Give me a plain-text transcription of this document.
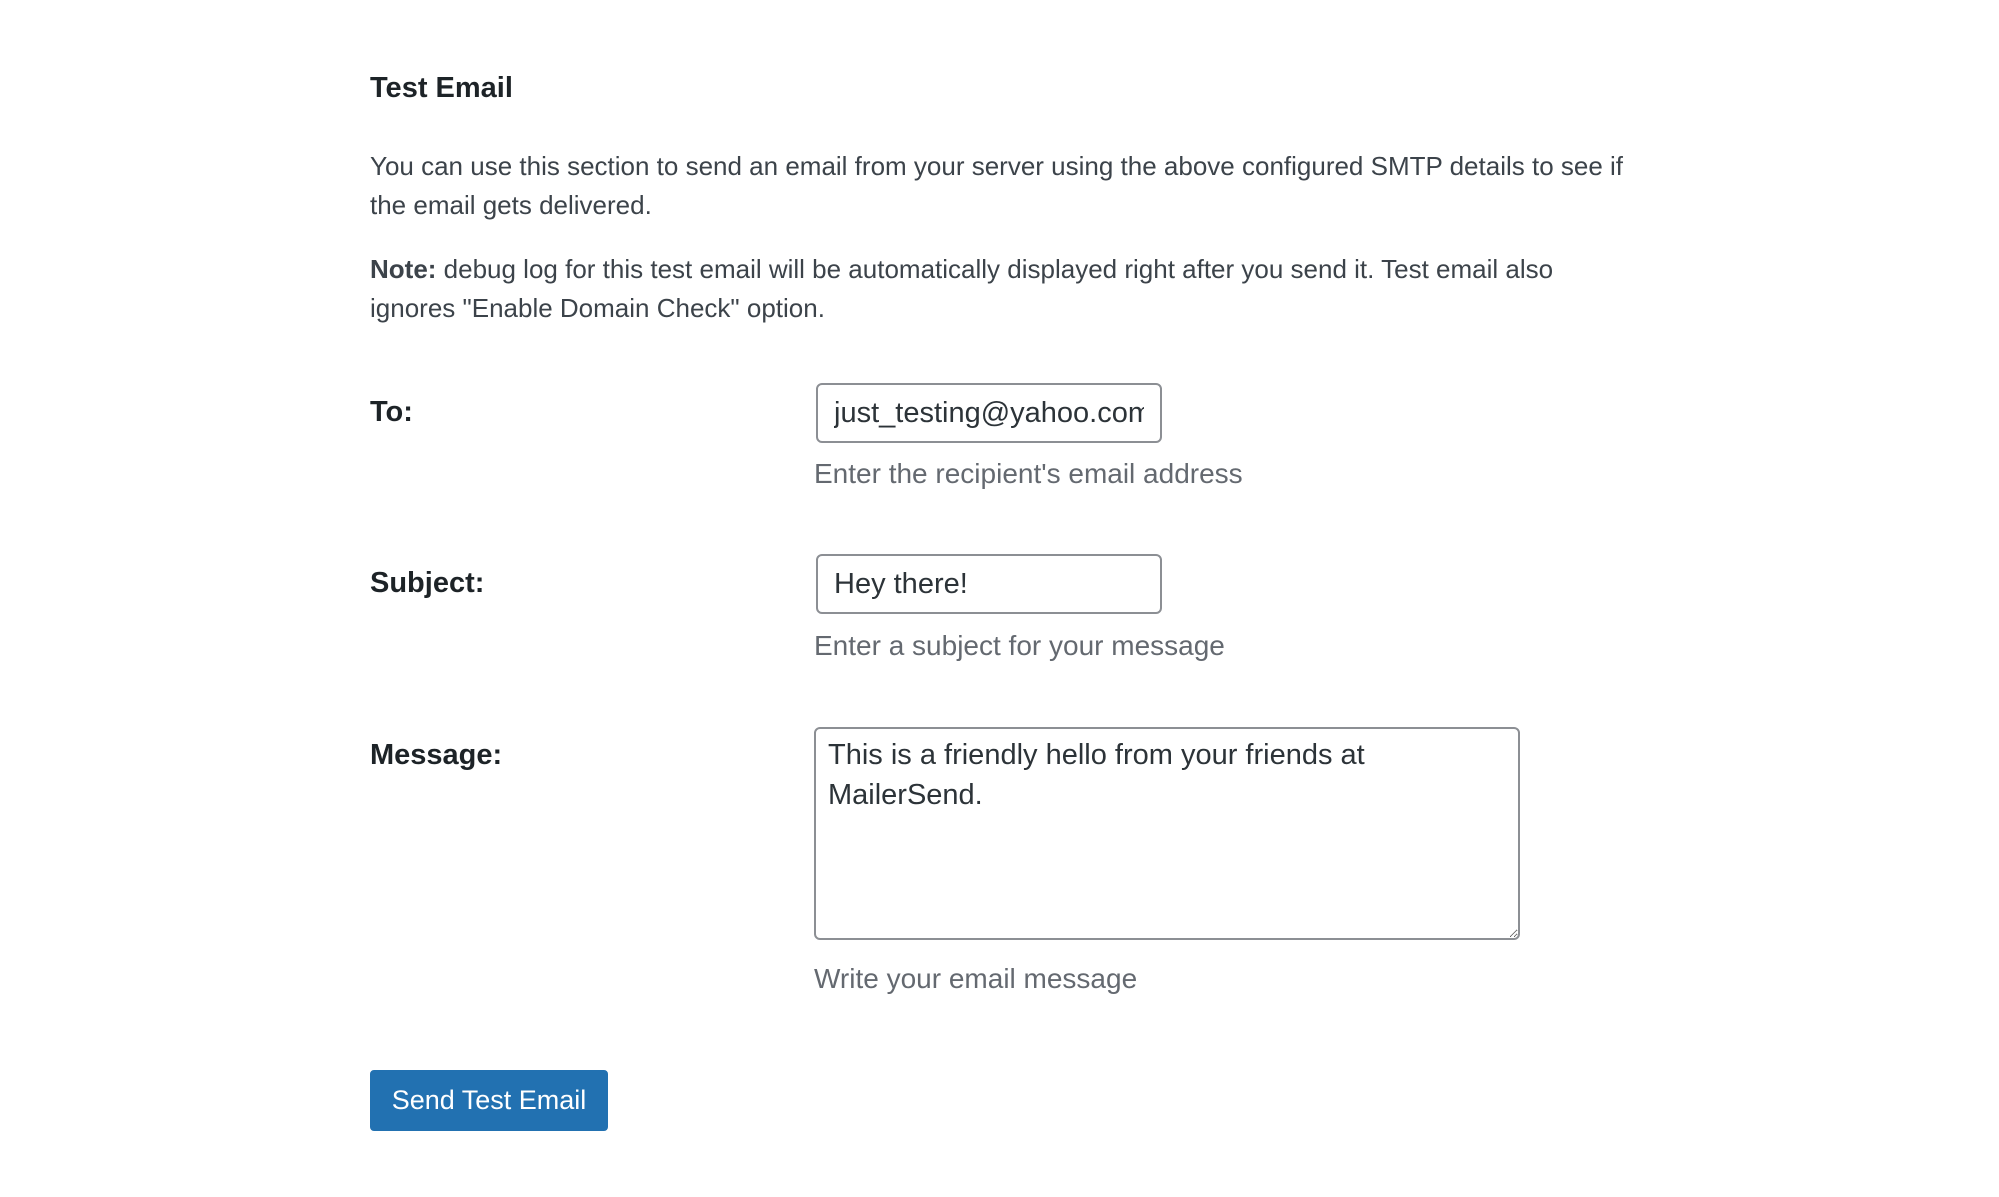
Test Email

You can use this section to send an email from your server using the above configured SMTP details to see if the email gets delivered.

Note: debug log for this test email will be automatically displayed right after you send it. Test email also ignores "Enable Domain Check" option.

To:
just_testing@yahoo.com
Enter the recipient's email address
Subject:
Hey there!
Enter a subject for your message
Message:
This is a friendly hello from your friends at MailerSend.
Write your email message
Send Test Email
